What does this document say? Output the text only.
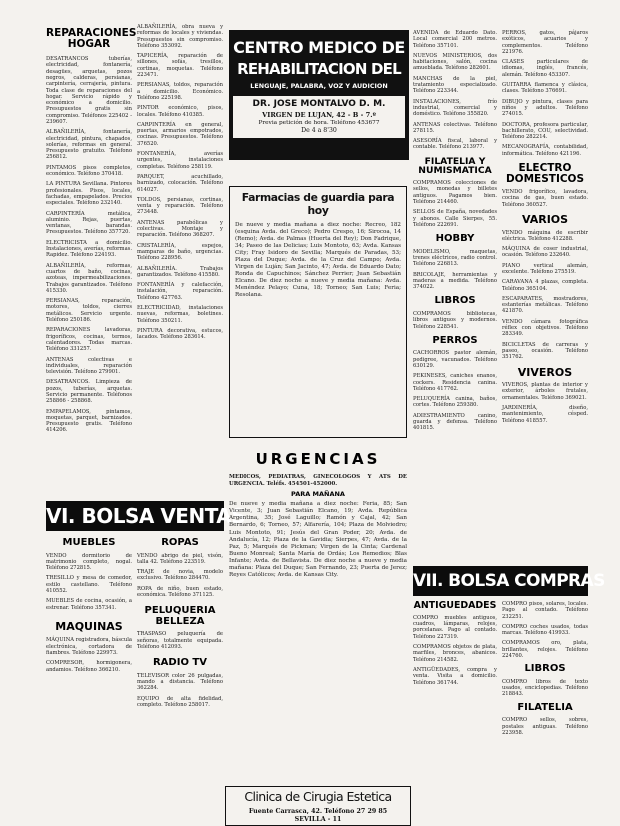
REPARACIONES HOGAR

DESATRANCOS tuberías, electricidad, fontanería, desagües, arquetas, pozos negros, calderas, persianas, carpintería, cerrajería, pintura. Toda clase de reparaciones del hogar. Servicio rápido y económico a domicilio. Presupuestos gratis sin compromiso. Teléfonos 225402 - 239607.

ALBAÑILERÍA, fontanería, electricidad, pintura, chapados, solerías, reformas en general. Presupuesto gratuito. Teléfono 256812.

PINTAMOS pisos completos, económico. Teléfono 370418.

LA PINTURA Sevillana. Pintores profesionales. Pisos, locales, fachadas, empapelados. Precios especiales. Teléfono 232140.

CARPINTERÍA metálica, aluminio. Rejas, puertas, ventanas, barandas. Presupuestos. Teléfono 357720.

ELECTRICISTA a domicilio. Instalaciones, averías, reformas. Rapidez. Teléfono 224193.

ALBAÑILERÍA, reformas, cuartos de baño, cocinas, azoteas, impermeabilizaciones. Trabajos garantizados. Teléfono 415330.

PERSIANAS, reparación, motores, toldos, cierres metálicos. Servicio urgente. Teléfono 250186.

REPARACIONES lavadoras, frigoríficos, cocinas, termos, calentadores. Todas marcas. Teléfono 331257.

ANTENAS colectivas e individuales, reparación televisión. Teléfono 279901.

DESATRANCOS. Limpieza de pozos, tuberías, arquetas. Servicio permanente. Teléfonos 258866 - 258868.

EMPAPELAMOS, pintamos, moquetas, parquet, barnizados. Presupuesto gratis. Teléfono 414206.

ALBAÑILERÍA, obra nueva y reformas de locales y viviendas. Presupuestos sin compromiso. Teléfono 353092.

TAPICERÍA, reparación de sillones, sofás, tresillos, cortinas, moquetas. Teléfono 223471.

PERSIANAS, toldos, reparación a domicilio. Económico. Teléfono 225198.

PINTOR económico, pisos, locales. Teléfono 410385.

CARPINTERÍA en general, puertas, armarios empotrados, cocinas. Presupuestos. Teléfono 376520.

FONTANERÍA, averías urgentes, instalaciones completas. Teléfono 258119.

PARQUET, acuchillado, barnizado, colocación. Teléfono 614027.

TOLDOS, persianas, cortinas, venta y reparación. Teléfono 273448.

ANTENAS parabólicas y colectivas. Montaje y reparación. Teléfono 368207.

CRISTALERÍA, espejos, mamparas de baño, urgencias. Teléfono 228956.

ALBAÑILERÍA. Trabajos garantizados. Teléfono 415580.

FONTANERÍA y calefacción, instalación, reparación. Teléfono 427763.

ELECTRICIDAD, instalaciones nuevas, reformas, boletines. Teléfono 350211.

PINTURA decorativa, estucos, lacados. Teléfono 283614.

VI. BOLSA VENTAS
MUEBLES

VENDO dormitorio de matrimonio completo, nogal. Teléfono 272815.

TRESILLO y mesa de comedor, estilo castellano. Teléfono 410552.

MUEBLES de cocina, ocasión, a estrenar. Teléfono 357341.

MAQUINAS

MÁQUINA registradora, báscula electrónica, cortadora de fiambres. Teléfono 229973.

COMPRESOR, hormigonera, andamios. Teléfono 366210.

ROPAS

VENDO abrigo de piel, visón, talla 42. Teléfono 223519.

TRAJE de novia, modelo exclusivo. Teléfono 284470.

ROPA de niño, buen estado, económica. Teléfono 371125.

PELUQUERIA BELLEZA

TRASPASO peluquería de señoras, totalmente equipada. Teléfono 412093.

RADIO TV

TELEVISOR color 26 pulgadas, mando a distancia. Teléfono 362284.

EQUIPO de alta fidelidad, completo. Teléfono 258017.

CENTRO MEDICO DE
REHABILITACION DEL
LENGUAJE, PALABRA, VOZ Y AUDICION
DR. JOSE MONTALVO D. M.
VIRGEN DE LUJAN, 42 - B - 7.º
Previa petición de hora. Teléfono 453677
De 4 a 8'30
Farmacias de guardia para hoy

De nueve y media mañana a diez noche: Recreo, 182 (esquina Avda. del Greco); Pedro Crespo, 16; Sirocoa, 14 (Remo); Avda. de Palmas (Huerta del Rey); Don Fadrique, 34; Paseo de las Delicias; Luis Montoto, 63; Avda. Kansas City; Fray Isidoro de Sevilla; Marqués de Paradas, 53; Plaza del Duque; Avda. de la Cruz del Campo; Avda. Virgen de Luján; San Jacinto, 47; Avda. de Eduardo Dato; Ronda de Capuchinos; Sánchez Perrier; Juan Sebastián Elcano. De diez noche a nueve y media mañana: Avda. Menéndez Pelayo; Cuna, 18; Torneo; San Luis; Feria; Resolana.

URGENCIAS

MEDICOS, PEDIATRAS, GINECOLOGOS Y ATS DE URGENCIA. Teléfs. 454501-452000.

PARA MAÑANA

De nueve y media mañana a diez noche: Feria, 85; San Vicente, 3; Juan Sebastián Elcano, 19; Avda. República Argentina, 35; José Laguillo; Ramón y Cajal, 42; San Bernardo, 6; Torneo, 57; Alfarería, 104; Plaza de Molviedro; Luis Montoto, 91; Jesús del Gran Poder, 20; Avda. de Andalucía, 12; Plaza de la Gavidia; Sierpes, 47; Avda. de la Paz, 5; Marqués de Pickman; Virgen de la Cinta; Cardenal Bueno Monreal; Santa María de Ordás; Los Remedios; Blas Infante; Avda. de Bellavista. De diez noche a nueve y media mañana: Plaza del Duque; San Fernando, 23; Puerta de Jerez; Reyes Católicos; Avda. de Kansas City.

Clinica de Cirugia Estetica
Fuente Carrasca, 42. Teléfono 27 29 85
SEVILLA - 11

AVENIDA de Eduardo Dato. Local comercial 200 metros. Teléfono 357101.

NUEVOS MINISTERIOS, dos habitaciones, salón, cocina amueblada. Teléfono 282601.

MANCHAS de la piel, tratamiento especializado. Teléfono 223344.

INSTALACIONES, frío industrial, comercial y doméstico. Teléfono 355820.

ANTENAS colectivas. Teléfono 278115.

ASESORÍA fiscal, laboral y contable. Teléfono 213977.

FILATELIA Y NUMISMATICA

COMPRAMOS colecciones de sellos, monedas y billetes antiguos. Pagamos bien. Teléfono 214460.

SELLOS de España, novedades y abonos. Calle Sierpes, 55. Teléfono 222691.

HOBBY

MODELISMO, maquetas, trenes eléctricos, radio control. Teléfono 226813.

BRICOLAJE, herramientas y maderas a medida. Teléfono 374022.

LIBROS

COMPRAMOS bibliotecas, libros antiguos y modernos. Teléfono 228541.

PERROS

CACHORROS pastor alemán, pedigree, vacunados. Teléfono 630129.

PEKINESES, caniches enanos, cockers. Residencia canina. Teléfono 417762.

PELUQUERÍA canina, baños, cortes. Teléfono 259380.

ADIESTRAMIENTO canino, guarda y defensa. Teléfono 401815.

PERROS, gatos, pájaros exóticos, acuarios y complementos. Teléfono 221976.

CLASES particulares de idiomas, inglés, francés, alemán. Teléfono 453307.

GUITARRA flamenca y clásica, clases. Teléfono 376691.

DIBUJO y pintura, clases para niños y adultos. Teléfono 274015.

DOCTORA, profesora particular, bachillerato, COU, selectividad. Teléfono 282214.

MECANOGRAFÍA, contabilidad, informática. Teléfono 421196.

ELECTRO DOMESTICOS

VENDO frigorífico, lavadora, cocina de gas, buen estado. Teléfono 360527.

VARIOS

VENDO máquina de escribir eléctrica. Teléfono 412288.

MÁQUINA de coser industrial, ocasión. Teléfono 232640.

PIANO vertical alemán, excelente. Teléfono 275519.

CARAVANA 4 plazas, completa. Teléfono 365104.

ESCAPARATES, mostradores, estanterías metálicas. Teléfono 421870.

VENDO cámara fotográfica réflex con objetivos. Teléfono 283349.

BICICLETAS de carreras y paseo, ocasión. Teléfono 351762.

VIVEROS

VIVEROS, plantas de interior y exterior, árboles frutales, ornamentales. Teléfono 369021.

JARDINERÍA, diseño, mantenimiento, césped. Teléfono 418557.

VII. BOLSA COMPRAS
ANTIGUEDADES

COMPRO muebles antiguos, cuadros, lámparas, relojes, porcelanas. Pago al contado. Teléfono 227319.

COMPRAMOS objetos de plata, marfiles, bronces, abanicos. Teléfono 214582.

ANTIGÜEDADES, compra y venta. Visita a domicilio. Teléfono 361744.

COMPRO pisos, solares, locales. Pago al contado. Teléfono 232251.

COMPRO coches usados, todas marcas. Teléfono 419933.

COMPRAMOS oro, plata, brillantes, relojes. Teléfono 224760.

LIBROS

COMPRO libros de texto usados, enciclopedias. Teléfono 218843.

FILATELIA

COMPRO sellos, sobres, postales antiguas. Teléfono 223958.
